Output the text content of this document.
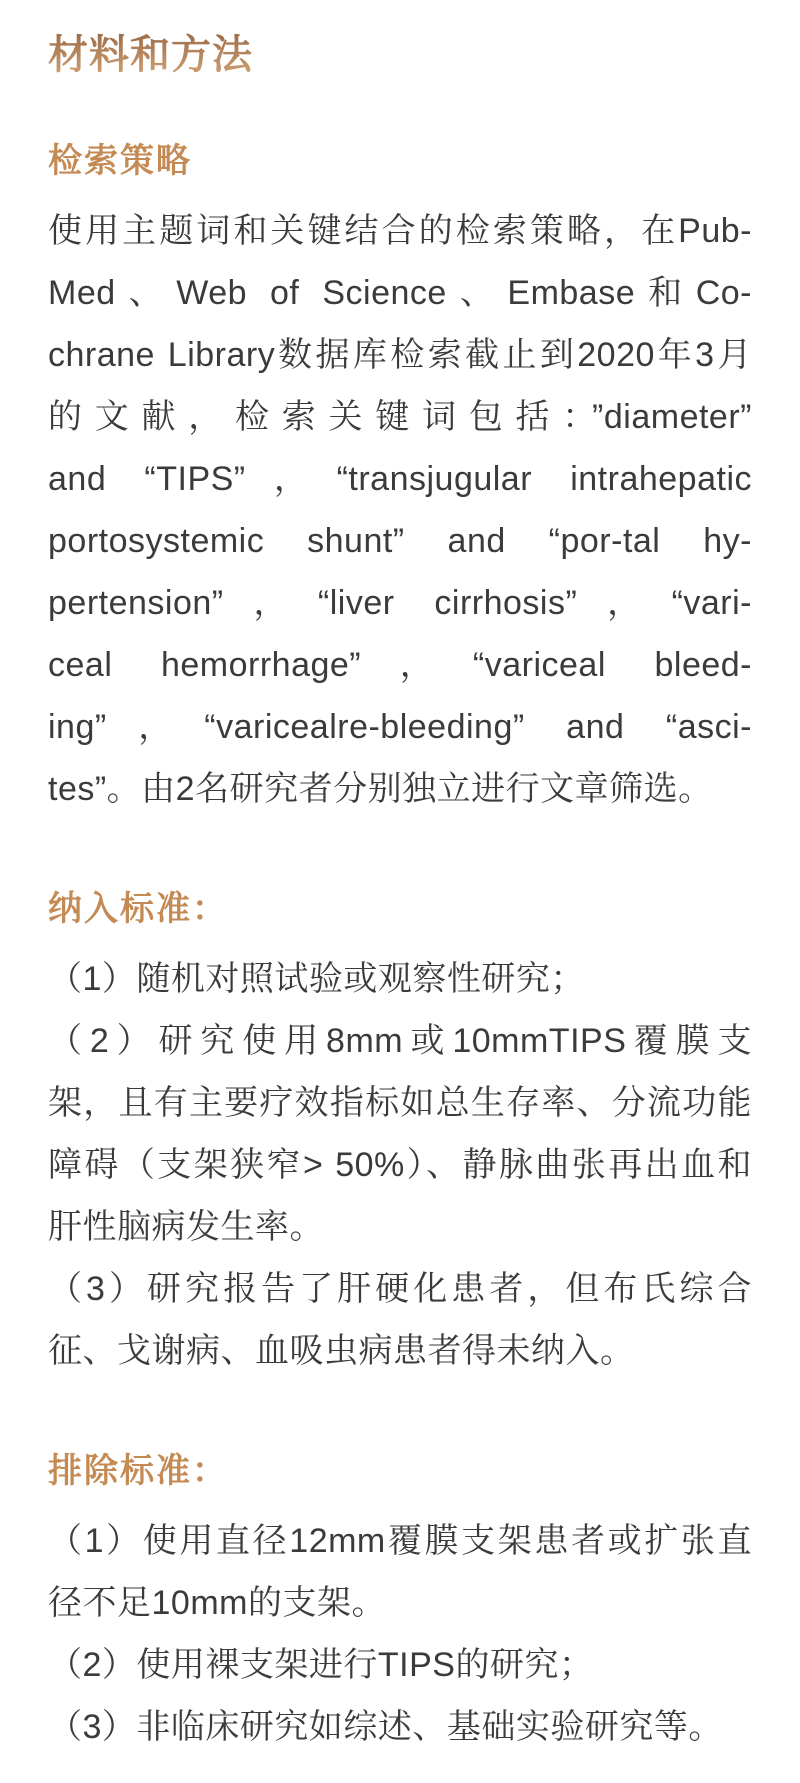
材料和方法
检索策略
使用主题词和关键结合的检索策略，在Pub-
Med、Web of Science、Embase和Co-
chrane Library数据库检索截止到2020年3月
的文献，检索关键词包括：”diameter”
and “TIPS”，“transjugular intrahepatic
portosystemic shunt” and “por-tal hy-
pertension”，“liver cirrhosis”，“vari-
ceal hemorrhage”，“variceal bleed-
ing”，“varicealre-bleeding” and “asci-
tes”。由2名研究者分别独立进行文章筛选。
纳入标准：
（1）随机对照试验或观察性研究；
（2）研究使用8mm或10mmTIPS覆膜支
架，且有主要疗效指标如总生存率、分流功能
障碍（支架狭窄> 50%）、静脉曲张再出血和
肝性脑病发生率。
（3）研究报告了肝硬化患者，但布氏综合
征、戈谢病、血吸虫病患者得未纳入。
排除标准：
（1）使用直径12mm覆膜支架患者或扩张直
径不足10mm的支架。
（2）使用裸支架进行TIPS的研究；
（3）非临床研究如综述、基础实验研究等。
